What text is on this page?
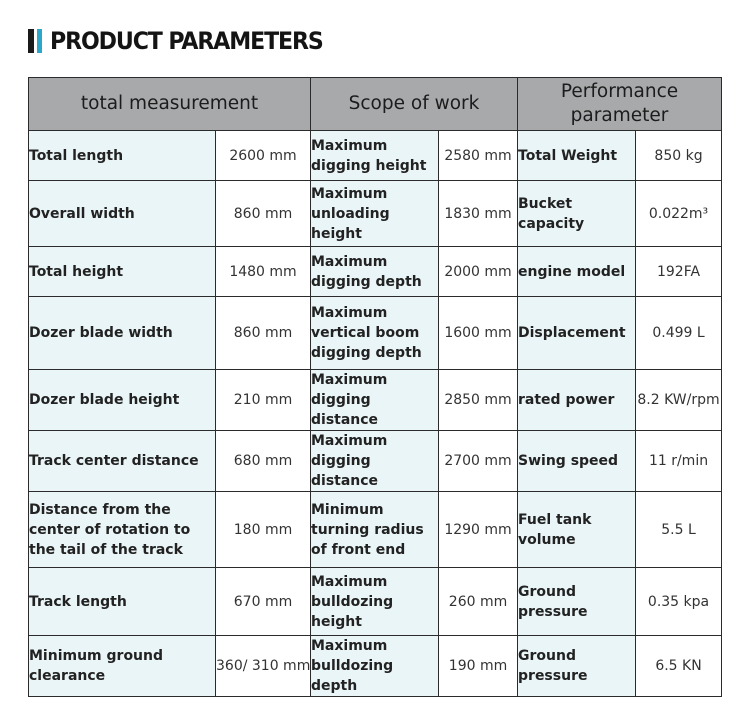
PRODUCT PARAMETERS
total measurement		Scope of work		Performance parameter	
Total length	2600 mm	Maximum digging height	2580 mm	Total Weight	850 kg
Overall width	860 mm	Maximum unloading height	1830 mm	Bucket capacity	0.022m³
Total height	1480 mm	Maximum digging depth	2000 mm	engine model	192FA
Dozer blade width	860 mm	Maximum vertical boom digging depth	1600 mm	Displacement	0.499 L
Dozer blade height	210 mm	Maximum digging distance	2850 mm	rated power	8.2 KW/rpm
Track center distance	680 mm	Maximum digging distance	2700 mm	Swing speed	11 r/min
Distance from the center of rotation to the tail of the track	180 mm	Minimum turning radius of front end	1290 mm	Fuel tank volume	5.5 L
Track length	670 mm	Maximum bulldozing height	260 mm	Ground pressure	0.35 kpa
Minimum ground clearance	360/ 310 mm	Maximum bulldozing depth	190 mm	Ground pressure	6.5 KN
